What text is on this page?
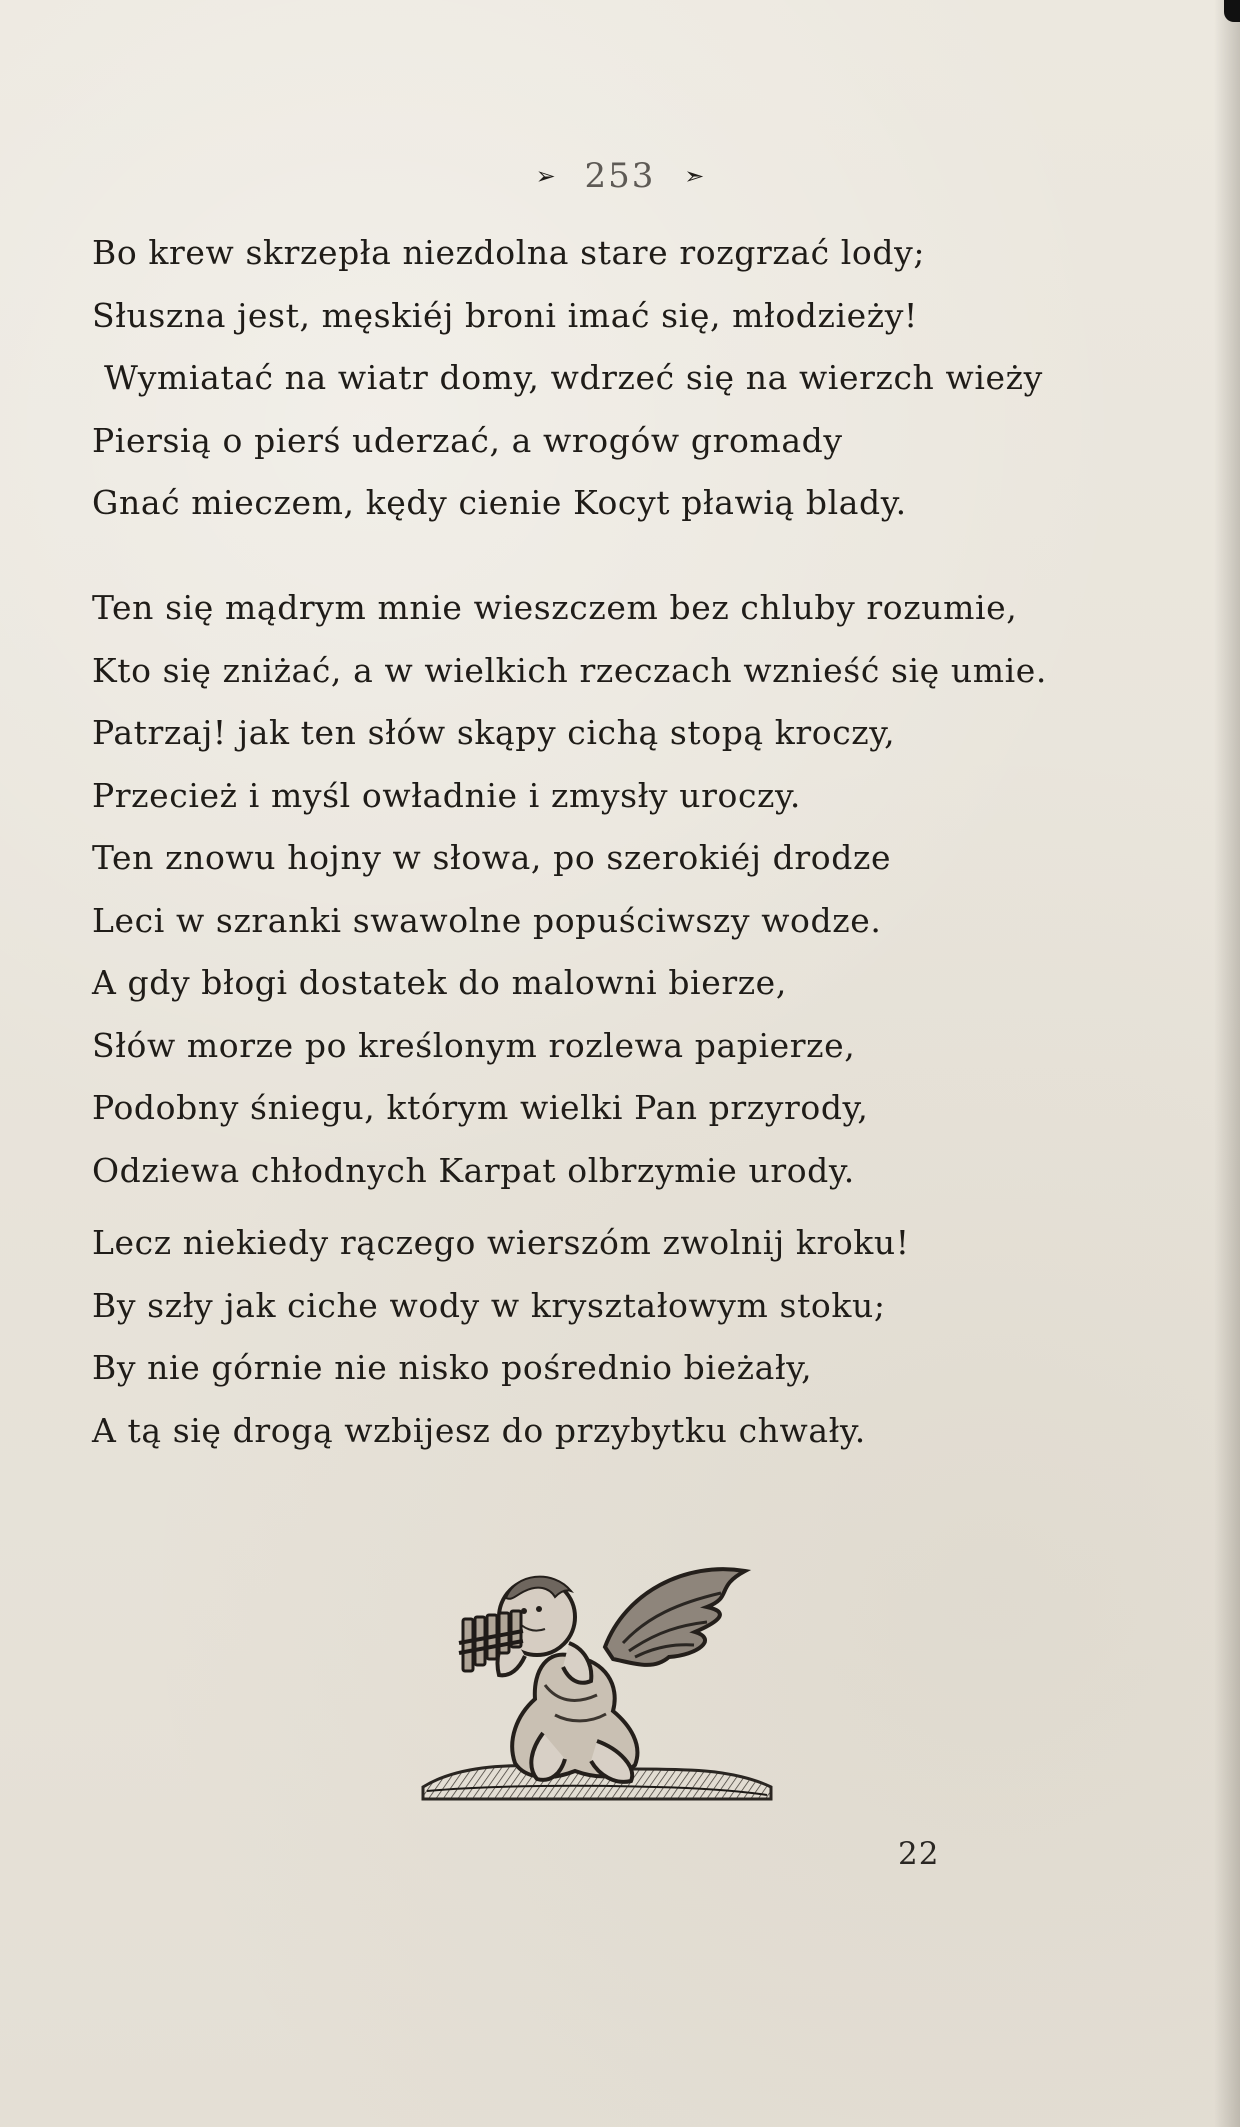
➢ 253 ➣
Bo krew skrzepła niezdolna stare rozgrzać lody;
Słuszna jest, męskiéj broni imać się, młodzieży!
Wymiatać na wiatr domy, wdrzeć się na wierzch wieży
Piersią o pierś uderzać, a wrogów gromady
Gnać mieczem, kędy cienie Kocyt pławią blady.
Ten się mądrym mnie wieszczem bez chluby rozumie,
Kto się zniżać, a w wielkich rzeczach wznieść się umie.
Patrzaj! jak ten słów skąpy cichą stopą kroczy,
Przecież i myśl owładnie i zmysły uroczy.
Ten znowu hojny w słowa, po szerokiéj drodze
Leci w szranki swawolne popuściwszy wodze.
A gdy błogi dostatek do malowni bierze,
Słów morze po kreślonym rozlewa papierze,
Podobny śniegu, którym wielki Pan przyrody,
Odziewa chłodnych Karpat olbrzymie urody.
Lecz niekiedy rączego wierszóm zwolnij kroku!
By szły jak ciche wody w kryształowym stoku;
By nie górnie nie nisko pośrednio bieżały,
A tą się drogą wzbijesz do przybytku chwały.
22
